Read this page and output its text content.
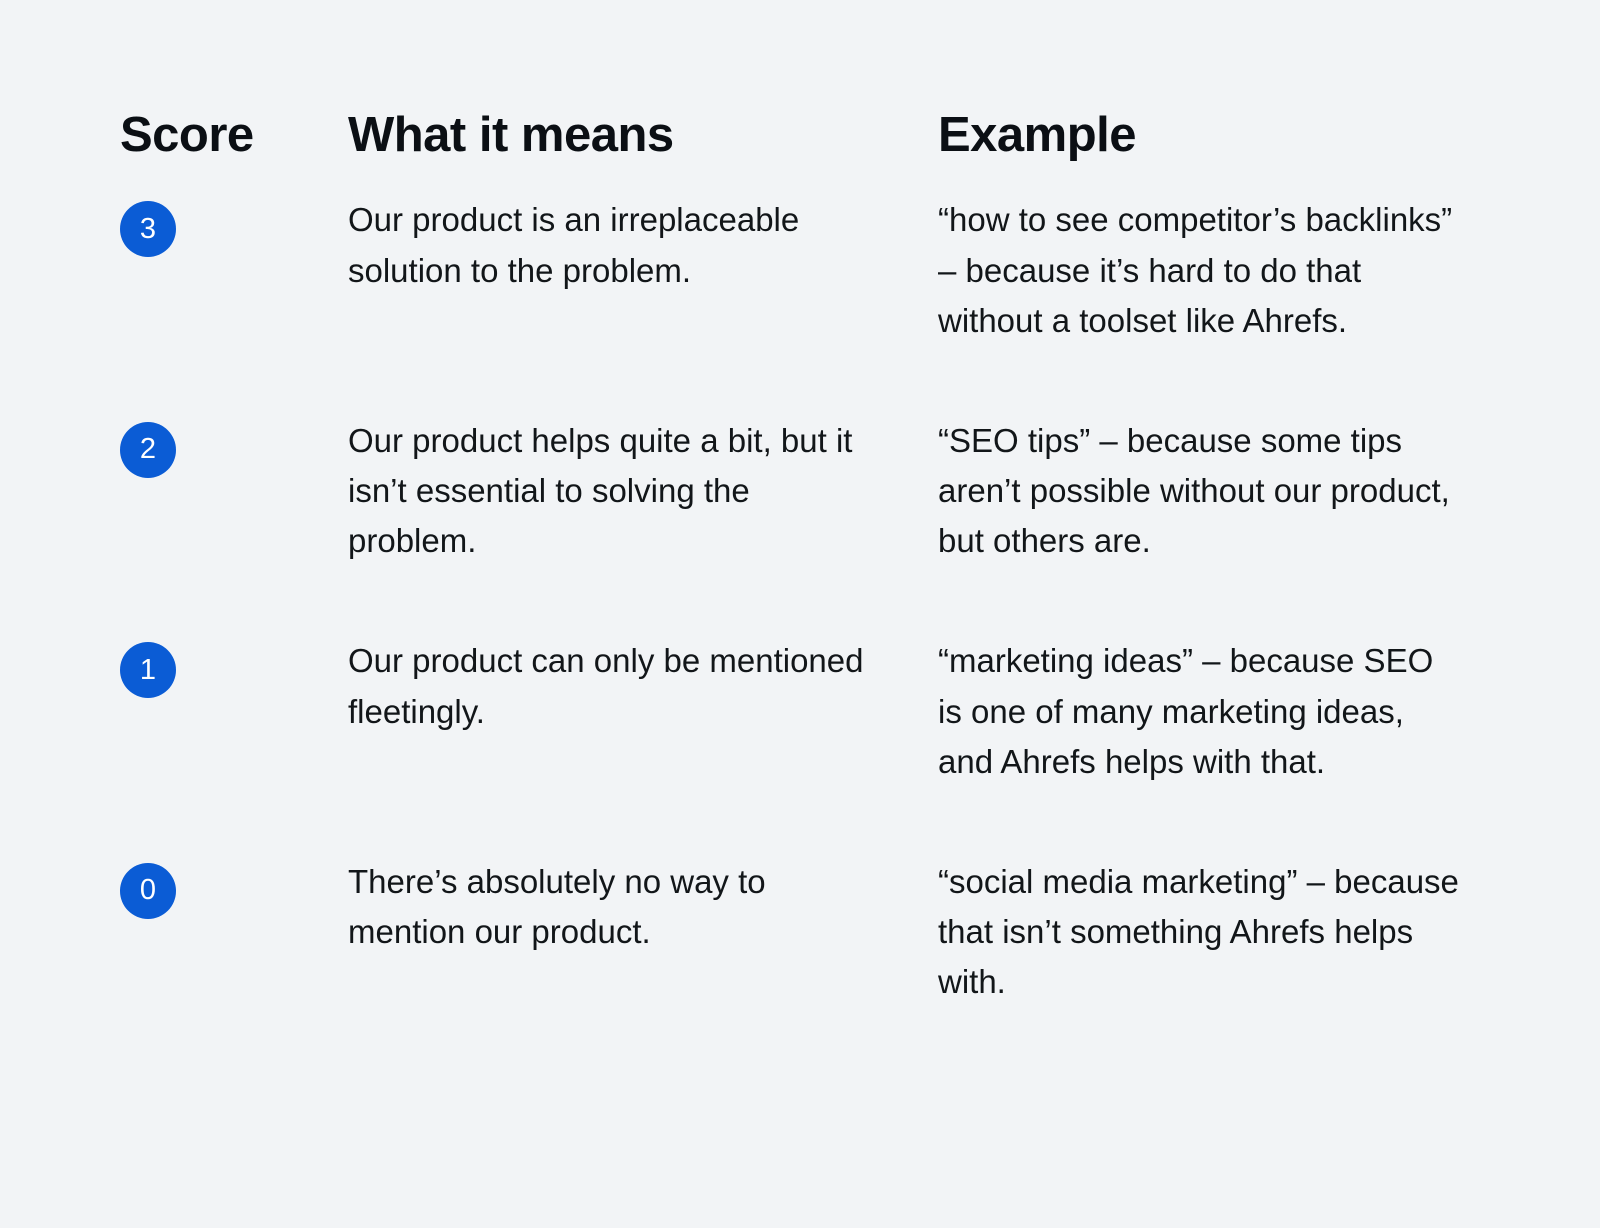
Score	What it means	Example
3	Our product is an irreplaceable solution to the problem.	“how to see competitor’s backlinks” – because it’s hard to do that without a toolset like Ahrefs.
2	Our product helps quite a bit, but it isn’t essential to solving the problem.	“SEO tips” – because some tips aren’t possible without our product, but others are.
1	Our product can only be mentioned fleetingly.	“marketing ideas” – because SEO is one of many marketing ideas, and Ahrefs helps with that.
0	There’s absolutely no way to mention our product.	“social media marketing” – because that isn’t something Ahrefs helps with.
